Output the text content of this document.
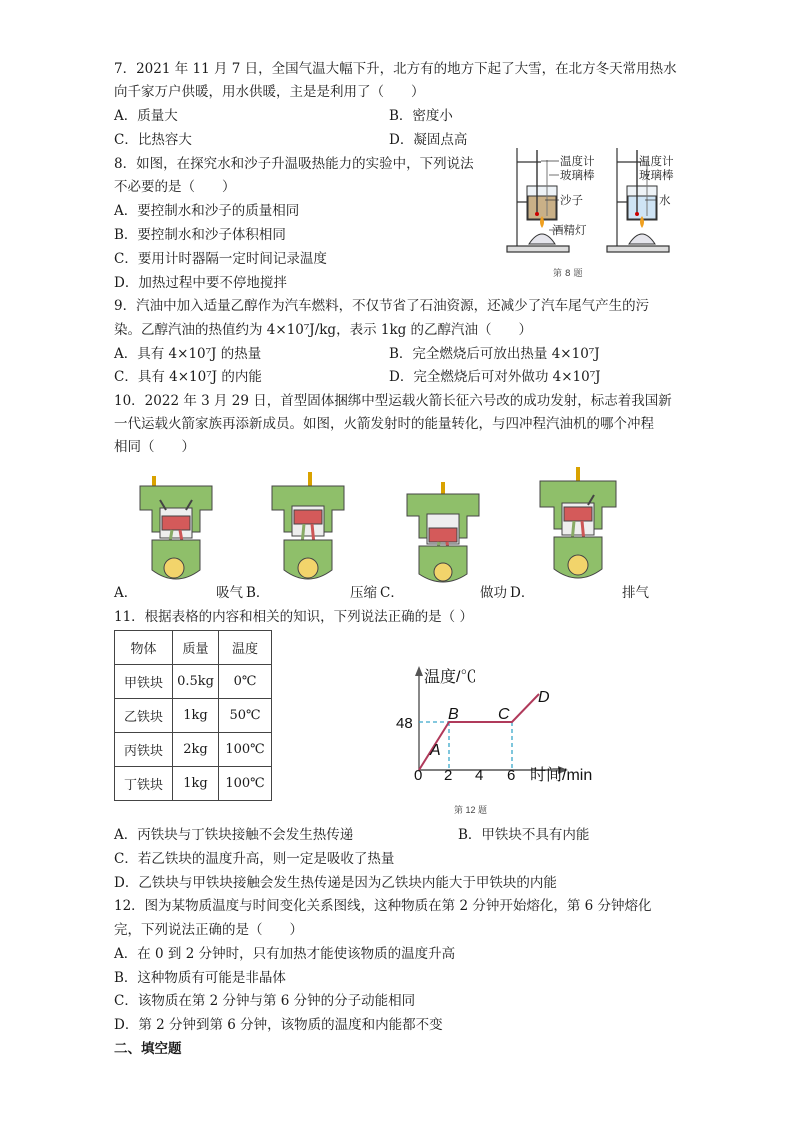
7．2021 年 11 月 7 日，全国气温大幅下升，北方有的地方下起了大雪，在北方冬天常用热水
向千家万户供暖，用水供暖，主是是利用了（　　）
A．质量大	B．密度小
C．比热容大	D．凝固点高
8．如图，在探究水和沙子升温吸热能力的实验中，下列说法
不必要的是（　　）
A．要控制水和沙子的质量相同
B．要控制水和沙子体积相同
C．要用计时器隔一定时间记录温度
D．加热过程中要不停地搅拌
温度计
玻璃棒
沙子
酒精灯
温度计
玻璃棒
水
第 8 题
9．汽油中加入适量乙醇作为汽车燃料，不仅节省了石油资源，还减少了汽车尾气产生的污
染。乙醇汽油的热值约为 4×10⁷J/kg，表示 1kg 的乙醇汽油（　　）
A．具有 4×10⁷J 的热量	B．完全燃烧后可放出热量 4×10⁷J
C．具有 4×10⁷J 的内能	D．完全燃烧后可对外做功 4×10⁷J
10．2022 年 3 月 29 日，首型固体捆绑中型运载火箭长征六号改的成功发射，标志着我国新
一代运载火箭家族再添新成员。如图，火箭发射时的能量转化，与四冲程汽油机的哪个冲程
相同（　　）
A．	吸气 B．	压缩 C．	做功 D．	排气
11．根据表格的内容和相关的知识，下列说法正确的是（ ）
物体	质量	温度
甲铁块	0.5kg	0℃
乙铁块	1kg	50℃
丙铁块	2kg	100℃
丁铁块	1kg	100℃
温度/℃
48
0 2 4 6 时间/min
A
B C
D
第 12 题
A．丙铁块与丁铁块接触不会发生热传递	B．甲铁块不具有内能
C．若乙铁块的温度升高，则一定是吸收了热量
D．乙铁块与甲铁块接触会发生热传递是因为乙铁块内能大于甲铁块的内能
12．图为某物质温度与时间变化关系图线，这种物质在第 2 分钟开始熔化，第 6 分钟熔化
完，下列说法正确的是（　　）
A．在 0 到 2 分钟时，只有加热才能使该物质的温度升高
B．这种物质有可能是非晶体
C．该物质在第 2 分钟与第 6 分钟的分子动能相同
D．第 2 分钟到第 6 分钟，该物质的温度和内能都不变
二、填空题
